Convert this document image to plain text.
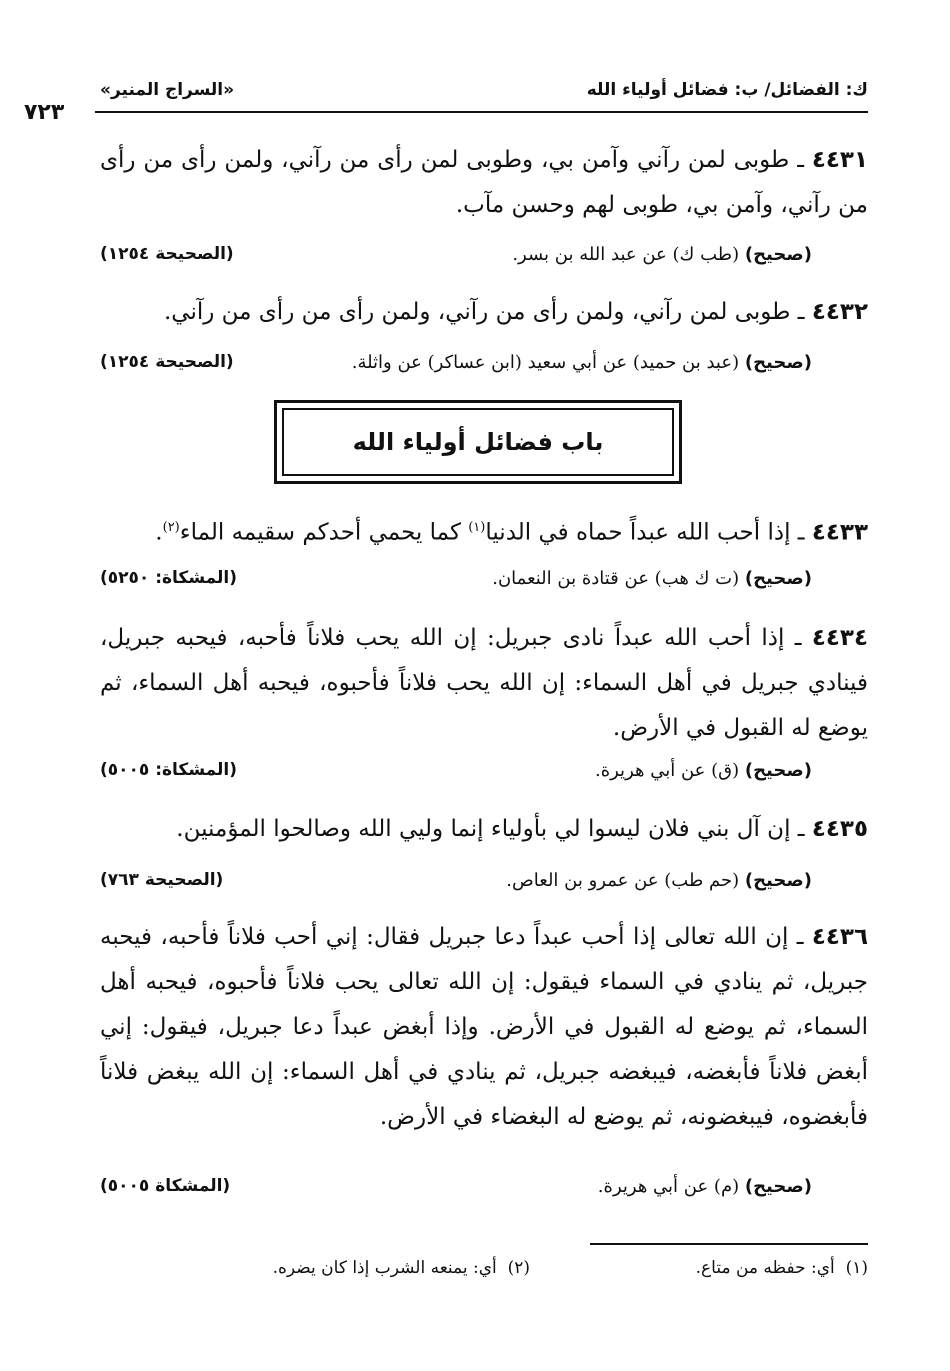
ك: الفضائل/ ب: فضائل أولياء الله
«السراج المنير»
٧٢٣

٤٤٣١ ـ طوبى لمن رآني وآمن بي، وطوبى لمن رأى من رآني، ولمن رأى من رأى من رآني، وآمن بي، طوبى لهم وحسن مآب.

(صحيح) (طب ك) عن عبد الله بن بسر.
(الصحيحة ١٢٥٤)

٤٤٣٢ ـ طوبى لمن رآني، ولمن رأى من رآني، ولمن رأى من رأى من رآني.

(صحيح) (عبد بن حميد) عن أبي سعيد (ابن عساكر) عن واثلة.
(الصحيحة ١٢٥٤)
باب فضائل أولياء الله

٤٤٣٣ ـ إذا أحب الله عبداً حماه في الدنيا$^{(١)}$ كما يحمي أحدكم سقيمه الماء$^{(٢)}$.

(صحيح) (ت ك هب) عن قتادة بن النعمان.
(المشكاة: ٥٢٥٠)

٤٤٣٤ ـ إذا أحب الله عبداً نادى جبريل: إن الله يحب فلاناً فأحبه، فيحبه جبريل، فينادي جبريل في أهل السماء: إن الله يحب فلاناً فأحبوه، فيحبه أهل السماء، ثم يوضع له القبول في الأرض.

(صحيح) (ق) عن أبي هريرة.
(المشكاة: ٥٠٠٥)

٤٤٣٥ ـ إن آل بني فلان ليسوا لي بأولياء إنما وليي الله وصالحوا المؤمنين.

(صحيح) (حم طب) عن عمرو بن العاص.
(الصحيحة ٧٦٣)

٤٤٣٦ ـ إن الله تعالى إذا أحب عبداً دعا جبريل فقال: إني أحب فلاناً فأحبه، فيحبه جبريل، ثم ينادي في السماء فيقول: إن الله تعالى يحب فلاناً فأحبوه، فيحبه أهل السماء، ثم يوضع له القبول في الأرض. وإذا أبغض عبداً دعا جبريل، فيقول: إني أبغض فلاناً فأبغضه، فيبغضه جبريل، ثم ينادي في أهل السماء: إن الله يبغض فلاناً فأبغضوه، فيبغضونه، ثم يوضع له البغضاء في الأرض.

(صحيح) (م) عن أبي هريرة.
(المشكاة ٥٠٠٥)
(١)  أي: حفظه من متاع.
(٢)  أي: يمنعه الشرب إذا كان يضره.
